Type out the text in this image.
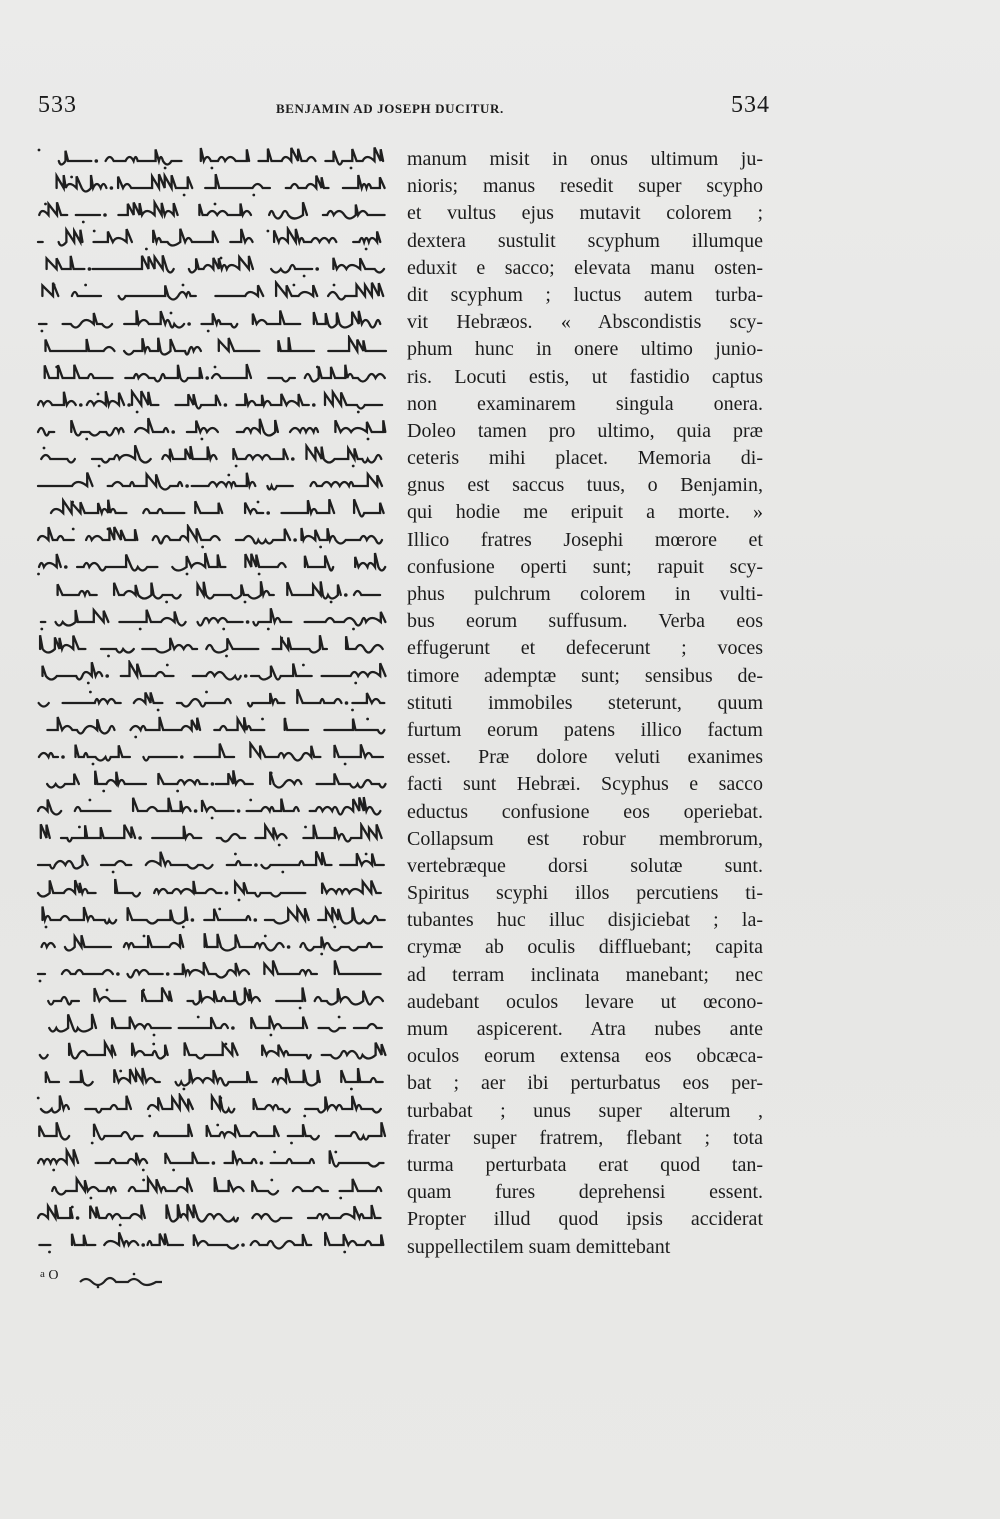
533	BENJAMIN AD JOSEPH DUCITUR.	534
$^a$ O
manum misit in onus ultimum ju-
nioris; manus resedit super scypho
et vultus ejus mutavit colorem ;
dextera sustulit scyphum illumque
eduxit e sacco; elevata manu osten-
dit scyphum ; luctus autem turba-
vit Hebræos. « Abscondistis scy-
phum hunc in onere ultimo junio-
ris. Locuti estis, ut fastidio captus
non examinarem singula onera.
Doleo tamen pro ultimo, quia præ
ceteris mihi placet. Memoria di-
gnus est saccus tuus, o Benjamin,
qui hodie me eripuit a morte. »
Illico fratres Josephi mœrore et
confusione operti sunt; rapuit scy-
phus pulchrum colorem in vulti-
bus eorum suffusum. Verba eos
effugerunt et defecerunt ; voces
timore ademptæ sunt; sensibus de-
stituti immobiles steterunt, quum
furtum eorum patens illico factum
esset. Præ dolore veluti exanimes
facti sunt Hebræi. Scyphus e sacco
eductus confusione eos operiebat.
Collapsum est robur membrorum,
vertebræque dorsi solutæ sunt.
Spiritus scyphi illos percutiens ti-
tubantes huc illuc disjiciebat ; la-
crymæ ab oculis diffluebant; capita
ad terram inclinata manebant; nec
audebant oculos levare ut œcono-
mum aspicerent. Atra nubes ante
oculos eorum extensa eos obcæca-
bat ; aer ibi perturbatus eos per-
turbabat ; unus super alterum ,
frater super fratrem, flebant ; tota
turma perturbata erat quod tan-
quam fures deprehensi essent.
Propter illud quod ipsis acciderat
suppellectilem suam demittebant
